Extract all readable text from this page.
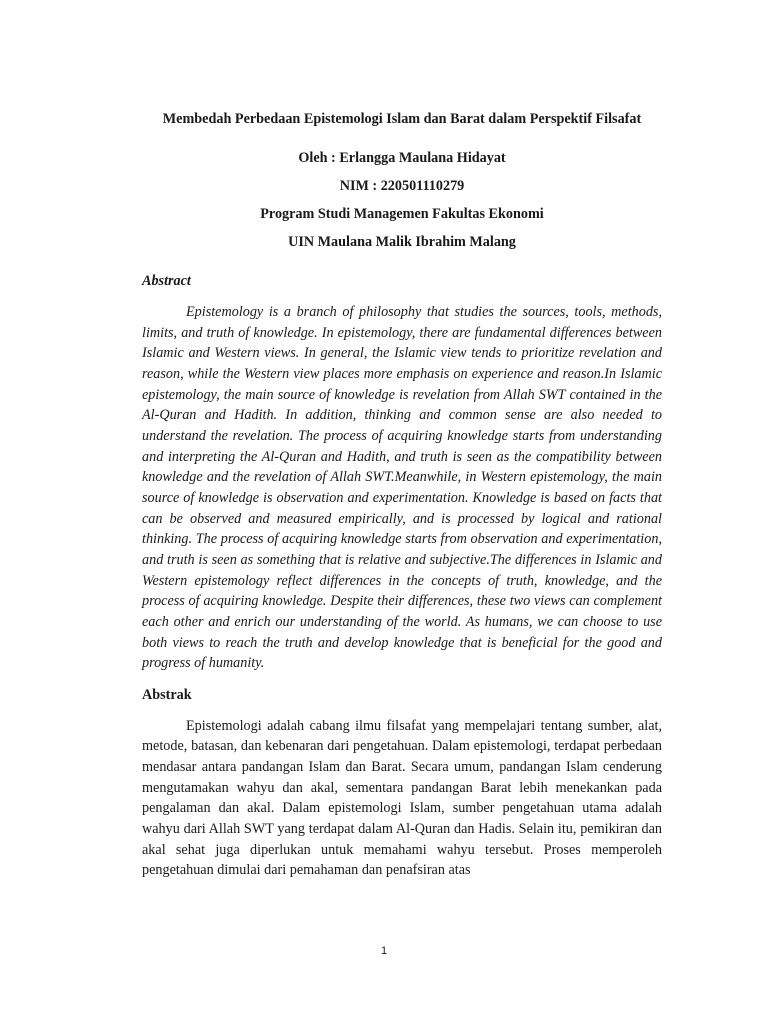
Membedah Perbedaan Epistemologi Islam dan Barat dalam Perspektif Filsafat
Oleh : Erlangga Maulana Hidayat
NIM : 220501110279
Program Studi Managemen Fakultas Ekonomi
UIN Maulana Malik Ibrahim Malang
Abstract

Epistemology is a branch of philosophy that studies the sources, tools, methods, limits, and truth of knowledge. In epistemology, there are fundamental differences between Islamic and Western views. In general, the Islamic view tends to prioritize revelation and reason, while the Western view places more emphasis on experience and reason.In Islamic epistemology, the main source of knowledge is revelation from Allah SWT contained in the Al-Quran and Hadith. In addition, thinking and common sense are also needed to understand the revelation. The process of acquiring knowledge starts from understanding and interpreting the Al-Quran and Hadith, and truth is seen as the compatibility between knowledge and the revelation of Allah SWT.Meanwhile, in Western epistemology, the main source of knowledge is observation and experimentation. Knowledge is based on facts that can be observed and measured empirically, and is processed by logical and rational thinking. The process of acquiring knowledge starts from observation and experimentation, and truth is seen as something that is relative and subjective.The differences in Islamic and Western epistemology reflect differences in the concepts of truth, knowledge, and the process of acquiring knowledge. Despite their differences, these two views can complement each other and enrich our understanding of the world. As humans, we can choose to use both views to reach the truth and develop knowledge that is beneficial for the good and progress of humanity.

Abstrak

Epistemologi adalah cabang ilmu filsafat yang mempelajari tentang sumber, alat, metode, batasan, dan kebenaran dari pengetahuan. Dalam epistemologi, terdapat perbedaan mendasar antara pandangan Islam dan Barat. Secara umum, pandangan Islam cenderung mengutamakan wahyu dan akal, sementara pandangan Barat lebih menekankan pada pengalaman dan akal. Dalam epistemologi Islam, sumber pengetahuan utama adalah wahyu dari Allah SWT yang terdapat dalam Al-Quran dan Hadis. Selain itu, pemikiran dan akal sehat juga diperlukan untuk memahami wahyu tersebut. Proses memperoleh pengetahuan dimulai dari pemahaman dan penafsiran atas

1
